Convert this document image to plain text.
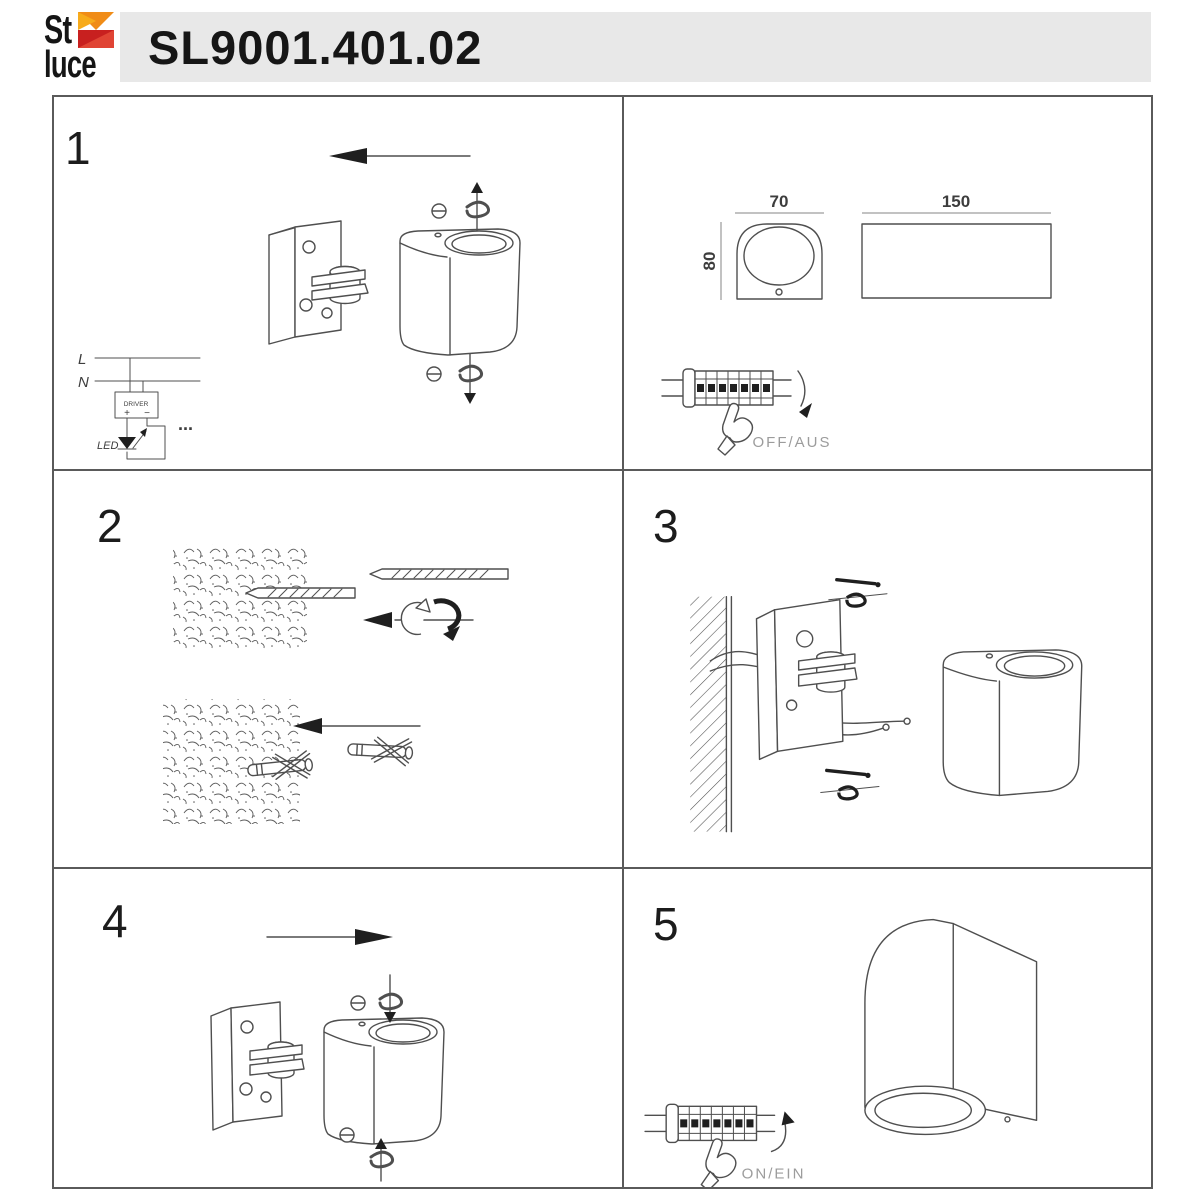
St
luce SL9001.401.02
1
L
N
DRIVER
+ −
LED
...
70
80
150
OFF/AUS
2	3
4	5
ON/EIN
